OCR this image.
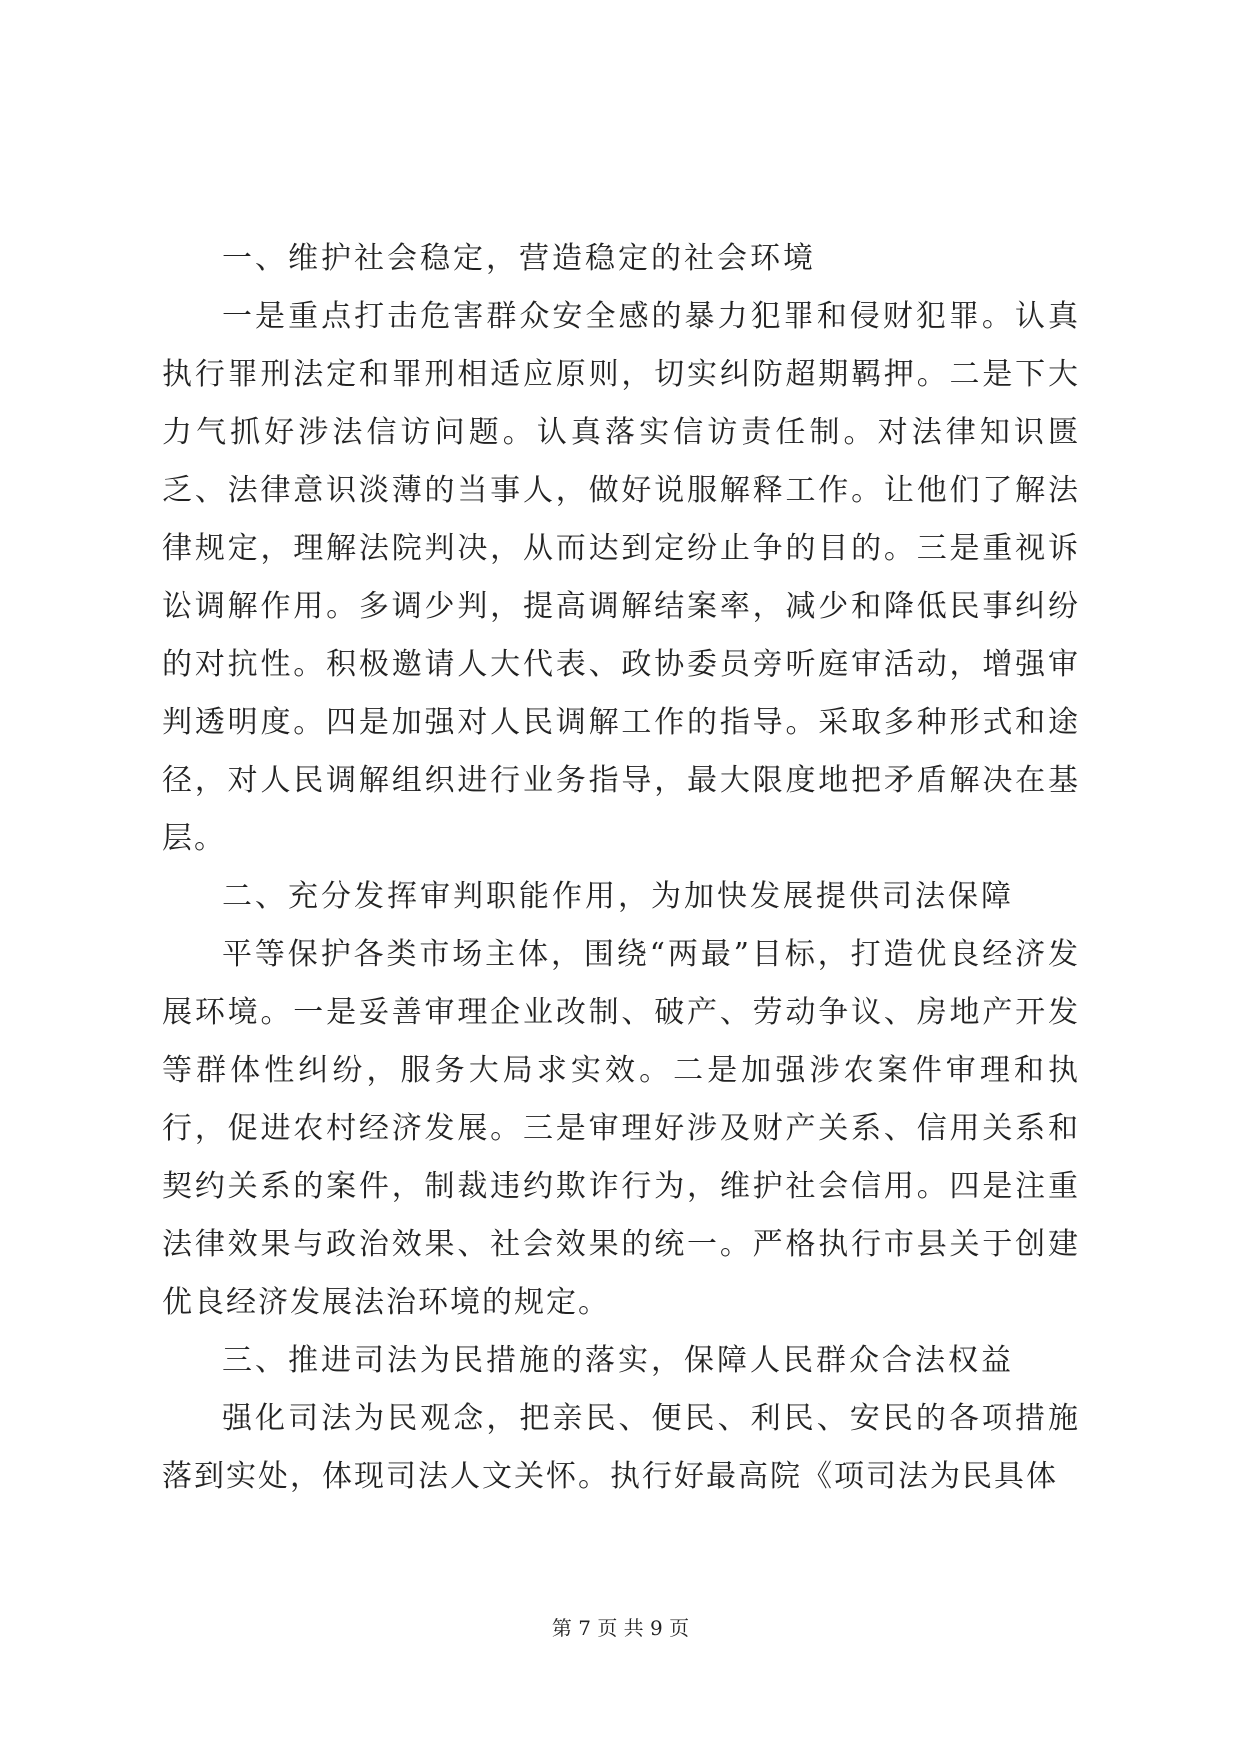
一、维护社会稳定，营造稳定的社会环境

一是重点打击危害群众安全感的暴力犯罪和侵财犯罪。认真执行罪刑法定和罪刑相适应原则，切实纠防超期羁押。二是下大力气抓好涉法信访问题。认真落实信访责任制。对法律知识匮乏、法律意识淡薄的当事人，做好说服解释工作。让他们了解法律规定，理解法院判决，从而达到定纷止争的目的。三是重视诉讼调解作用。多调少判，提高调解结案率，减少和降低民事纠纷的对抗性。积极邀请人大代表、政协委员旁听庭审活动，增强审判透明度。四是加强对人民调解工作的指导。采取多种形式和途径，对人民调解组织进行业务指导，最大限度地把矛盾解决在基层。

二、充分发挥审判职能作用，为加快发展提供司法保障

平等保护各类市场主体，围绕“两最”目标，打造优良经济发展环境。一是妥善审理企业改制、破产、劳动争议、房地产开发等群体性纠纷，服务大局求实效。二是加强涉农案件审理和执行，促进农村经济发展。三是审理好涉及财产关系、信用关系和契约关系的案件，制裁违约欺诈行为，维护社会信用。四是注重法律效果与政治效果、社会效果的统一。严格执行市县关于创建优良经济发展法治环境的规定。

三、推进司法为民措施的落实，保障人民群众合法权益

强化司法为民观念，把亲民、便民、利民、安民的各项措施落到实处，体现司法人文关怀。执行好最高院《项司法为民具体

第 7 页 共 9 页
